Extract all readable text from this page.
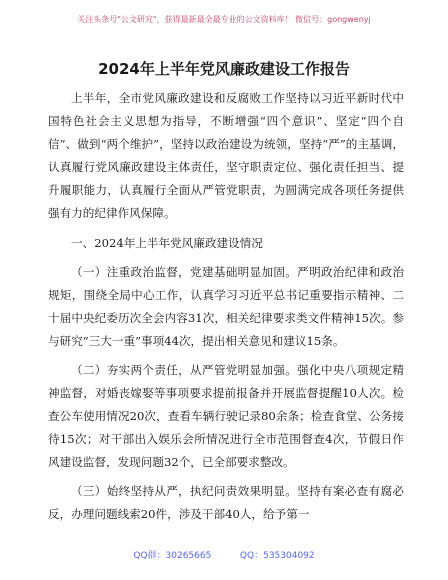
关注头条号"公文研究"，获得最新最全最专业的公文资料库！ 微信号：gongwenyj
2024年上半年党风廉政建设工作报告

上半年，全市党风廉政建设和反腐败工作坚持以习近平新时代中国特色社会主义思想为指导，不断增强“四个意识”、坚定“四个自信”、做到“两个维护”，坚持以政治建设为统领，坚持“严”的主基调，认真履行党风廉政建设主体责任，坚守职责定位、强化责任担当、提升履职能力，认真履行全面从严管党职责，为圆满完成各项任务提供强有力的纪律作风保障。

一、2024年上半年党风廉政建设情况

（一）注重政治监督，党建基础明显加固。严明政治纪律和政治规矩，围绕全局中心工作，认真学习习近平总书记重要指示精神、二十届中央纪委历次全会内容31次，相关纪律要求类文件精神15次。参与研究“三大一重”事项44次，提出相关意见和建议15条。

（二）夯实两个责任，从严管党明显加强。强化中央八项规定精神监督，对婚丧嫁娶等事项要求提前报备并开展监督提醒10人次。检查公车使用情况20次，查看车辆行驶记录80余条；检查食堂、公务接待15次；对干部出入娱乐会所情况进行全市范围督查4次，节假日作风建设监督，发现问题32个，已全部要求整改。

（三）始终坚持从严，执纪问责效果明显。坚持有案必查有腐必反，办理问题线索20件，涉及干部40人，给予第一

QQ群：30265665          QQ：535304092
